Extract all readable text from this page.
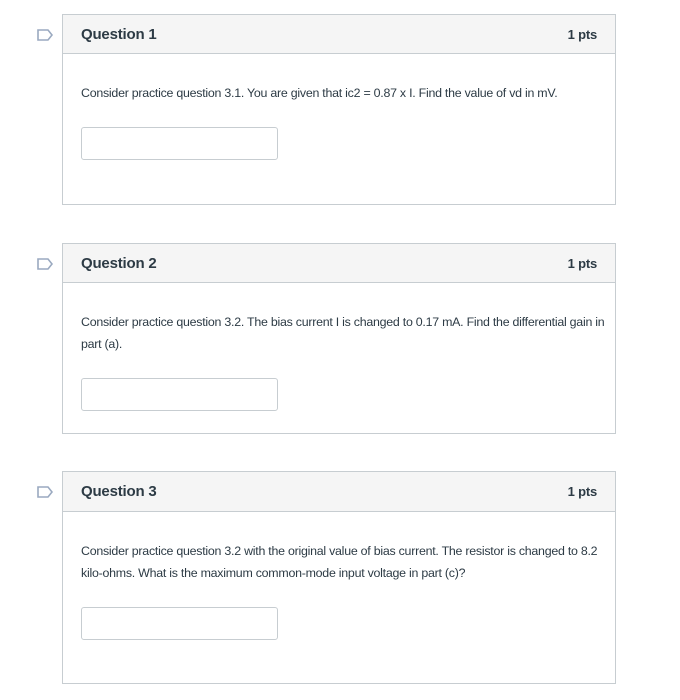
Question 1	1 pts

Consider practice question 3.1. You are given that ic2 = 0.87 x I. Find the value of vd in mV.

Question 2	1 pts

Consider practice question 3.2. The bias current I is changed to 0.17 mA. Find the differential gain in part (a).

Question 3	1 pts

Consider practice question 3.2 with the original value of bias current. The resistor is changed to 8.2 kilo-ohms. What is the maximum common-mode input voltage in part (c)?
